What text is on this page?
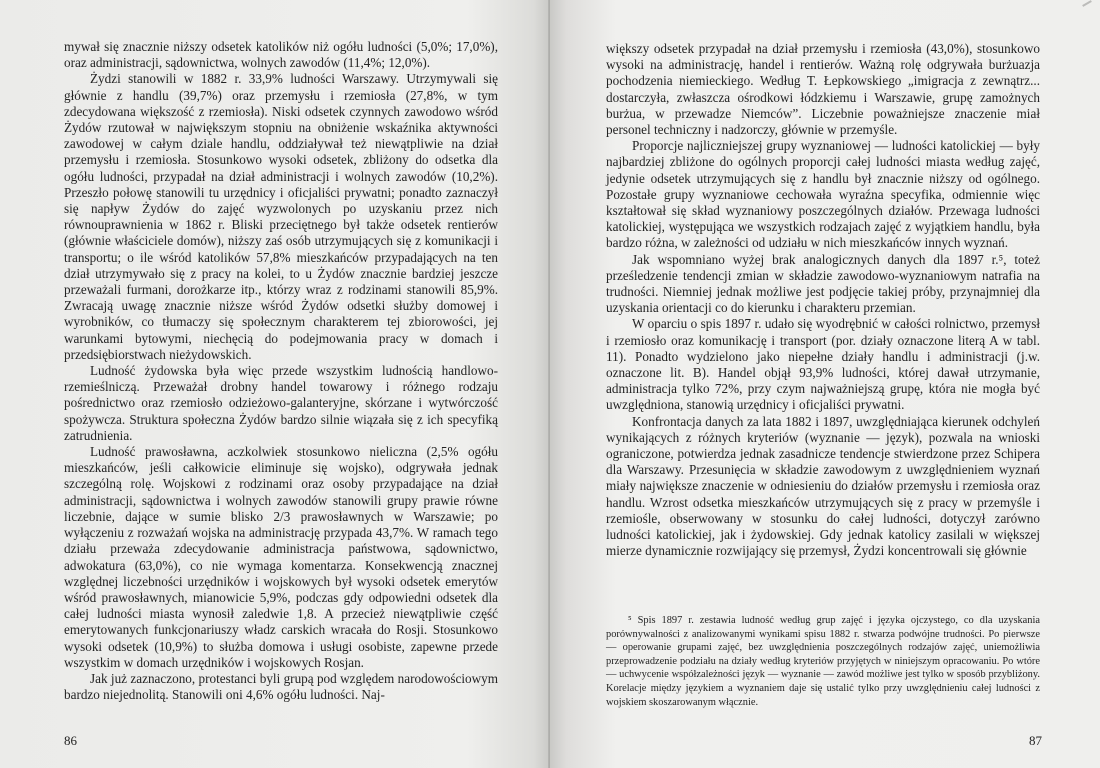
mywał się znacznie niższy odsetek katolików niż ogółu ludności (5,0%; 17,0%), oraz administracji, sądownictwa, wolnych zawodów (11,4%; 12,0%).

Żydzi stanowili w 1882 r. 33,9% ludności Warszawy. Utrzymywali się głównie z handlu (39,7%) oraz przemysłu i rzemiosła (27,8%, w tym zdecydowana większość z rzemiosła). Niski odsetek czynnych zawodowo wśród Żydów rzutował w największym stopniu na obniżenie wskaźnika aktywności zawodowej w całym dziale handlu, oddziaływał też niewątpliwie na dział przemysłu i rzemiosła. Stosunkowo wysoki odsetek, zbliżony do odsetka dla ogółu ludności, przypadał na dział administracji i wolnych zawodów (10,2%). Przeszło połowę stanowili tu urzędnicy i oficjaliści prywatni; ponadto zaznaczył się napływ Żydów do zajęć wyzwolonych po uzyskaniu przez nich równouprawnienia w 1862 r. Bliski przeciętnego był także odsetek rentierów (głównie właściciele domów), niższy zaś osób utrzymujących się z komunikacji i transportu; o ile wśród katolików 57,8% mieszkańców przypadających na ten dział utrzymywało się z pracy na kolei, to u Żydów znacznie bardziej jeszcze przeważali furmani, dorożkarze itp., którzy wraz z rodzinami stanowili 85,9%. Zwracają uwagę znacznie niższe wśród Żydów odsetki służby domowej i wyrobników, co tłumaczy się społecznym charakterem tej zbiorowości, jej warunkami bytowymi, niechęcią do podejmowania pracy w domach i przedsiębiorstwach nieżydowskich.

Ludność żydowska była więc przede wszystkim ludnością handlowo-rzemieślniczą. Przeważał drobny handel towarowy i różnego rodzaju pośrednictwo oraz rzemiosło odzieżowo-galanteryjne, skórzane i wytwórczość spożywcza. Struktura społeczna Żydów bardzo silnie wiązała się z ich specyfiką zatrudnienia.

Ludność prawosławna, aczkolwiek stosunkowo nieliczna (2,5% ogółu mieszkańców, jeśli całkowicie eliminuje się wojsko), odgrywała jednak szczególną rolę. Wojskowi z rodzinami oraz osoby przypadające na dział administracji, sądownictwa i wolnych zawodów stanowili grupy prawie równe liczebnie, dające w sumie blisko 2/3 prawosławnych w Warszawie; po wyłączeniu z rozważań wojska na administrację przypada 43,7%. W ramach tego działu przeważa zdecydowanie administracja państwowa, sądownictwo, adwokatura (63,0%), co nie wymaga komentarza. Konsekwencją znacznej względnej liczebności urzędników i wojskowych był wysoki odsetek emerytów wśród prawosławnych, mianowicie 5,9%, podczas gdy odpowiedni odsetek dla całej ludności miasta wynosił zaledwie 1,8. A przecież niewątpliwie część emerytowanych funkcjonariuszy władz carskich wracała do Rosji. Stosunkowo wysoki odsetek (10,9%) to służba domowa i usługi osobiste, zapewne przede wszystkim w domach urzędników i wojskowych Rosjan.

Jak już zaznaczono, protestanci byli grupą pod względem narodowościowym bardzo niejednolitą. Stanowili oni 4,6% ogółu ludności. Naj-

86

większy odsetek przypadał na dział przemysłu i rzemiosła (43,0%), stosunkowo wysoki na administrację, handel i rentierów. Ważną rolę odgrywała burżuazja pochodzenia niemieckiego. Według T. Łepkowskiego „imigracja z zewnątrz... dostarczyła, zwłaszcza ośrodkowi łódzkiemu i Warszawie, grupę zamożnych burżua, w przewadze Niemców”. Liczebnie poważniejsze znaczenie miał personel techniczny i nadzorczy, głównie w przemyśle.

Proporcje najliczniejszej grupy wyznaniowej — ludności katolickiej — były najbardziej zbliżone do ogólnych proporcji całej ludności miasta według zajęć, jedynie odsetek utrzymujących się z handlu był znacznie niższy od ogólnego. Pozostałe grupy wyznaniowe cechowała wyraźna specyfika, odmiennie więc kształtował się skład wyznaniowy poszczególnych działów. Przewaga ludności katolickiej, występująca we wszystkich rodzajach zajęć z wyjątkiem handlu, była bardzo różna, w zależności od udziału w nich mieszkańców innych wyznań.

Jak wspomniano wyżej brak analogicznych danych dla 1897 r.⁵, toteż prześledzenie tendencji zmian w składzie zawodowo-wyznaniowym natrafia na trudności. Niemniej jednak możliwe jest podjęcie takiej próby, przynajmniej dla uzyskania orientacji co do kierunku i charakteru przemian.

W oparciu o spis 1897 r. udało się wyodrębnić w całości rolnictwo, przemysł i rzemiosło oraz komunikację i transport (por. działy oznaczone literą A w tabl. 11). Ponadto wydzielono jako niepełne działy handlu i administracji (j.w. oznaczone lit. B). Handel objął 93,9% ludności, której dawał utrzymanie, administracja tylko 72%, przy czym najważniejszą grupę, która nie mogła być uwzględniona, stanowią urzędnicy i oficjaliści prywatni.

Konfrontacja danych za lata 1882 i 1897, uwzględniająca kierunek odchyleń wynikających z różnych kryteriów (wyznanie — język), pozwala na wnioski ograniczone, potwierdza jednak zasadnicze tendencje stwierdzone przez Schipera dla Warszawy. Przesunięcia w składzie zawodowym z uwzględnieniem wyznań miały największe znaczenie w odniesieniu do działów przemysłu i rzemiosła oraz handlu. Wzrost odsetka mieszkańców utrzymujących się z pracy w przemyśle i rzemiośle, obserwowany w stosunku do całej ludności, dotyczył zarówno ludności katolickiej, jak i żydowskiej. Gdy jednak katolicy zasilali w większej mierze dynamicznie rozwijający się przemysł, Żydzi koncentrowali się głównie

⁵ Spis 1897 r. zestawia ludność według grup zajęć i języka ojczystego, co dla uzyskania porównywalności z analizowanymi wynikami spisu 1882 r. stwarza podwójne trudności. Po pierwsze — operowanie grupami zajęć, bez uwzględnienia poszczególnych rodzajów zajęć, uniemożliwia przeprowadzenie podziału na działy według kryteriów przyjętych w niniejszym opracowaniu. Po wtóre — uchwycenie współzależności język — wyznanie — zawód możliwe jest tylko w sposób przybliżony. Korelacje między językiem a wyznaniem daje się ustalić tylko przy uwzględnieniu całej ludności z wojskiem skoszarowanym włącznie.

87
